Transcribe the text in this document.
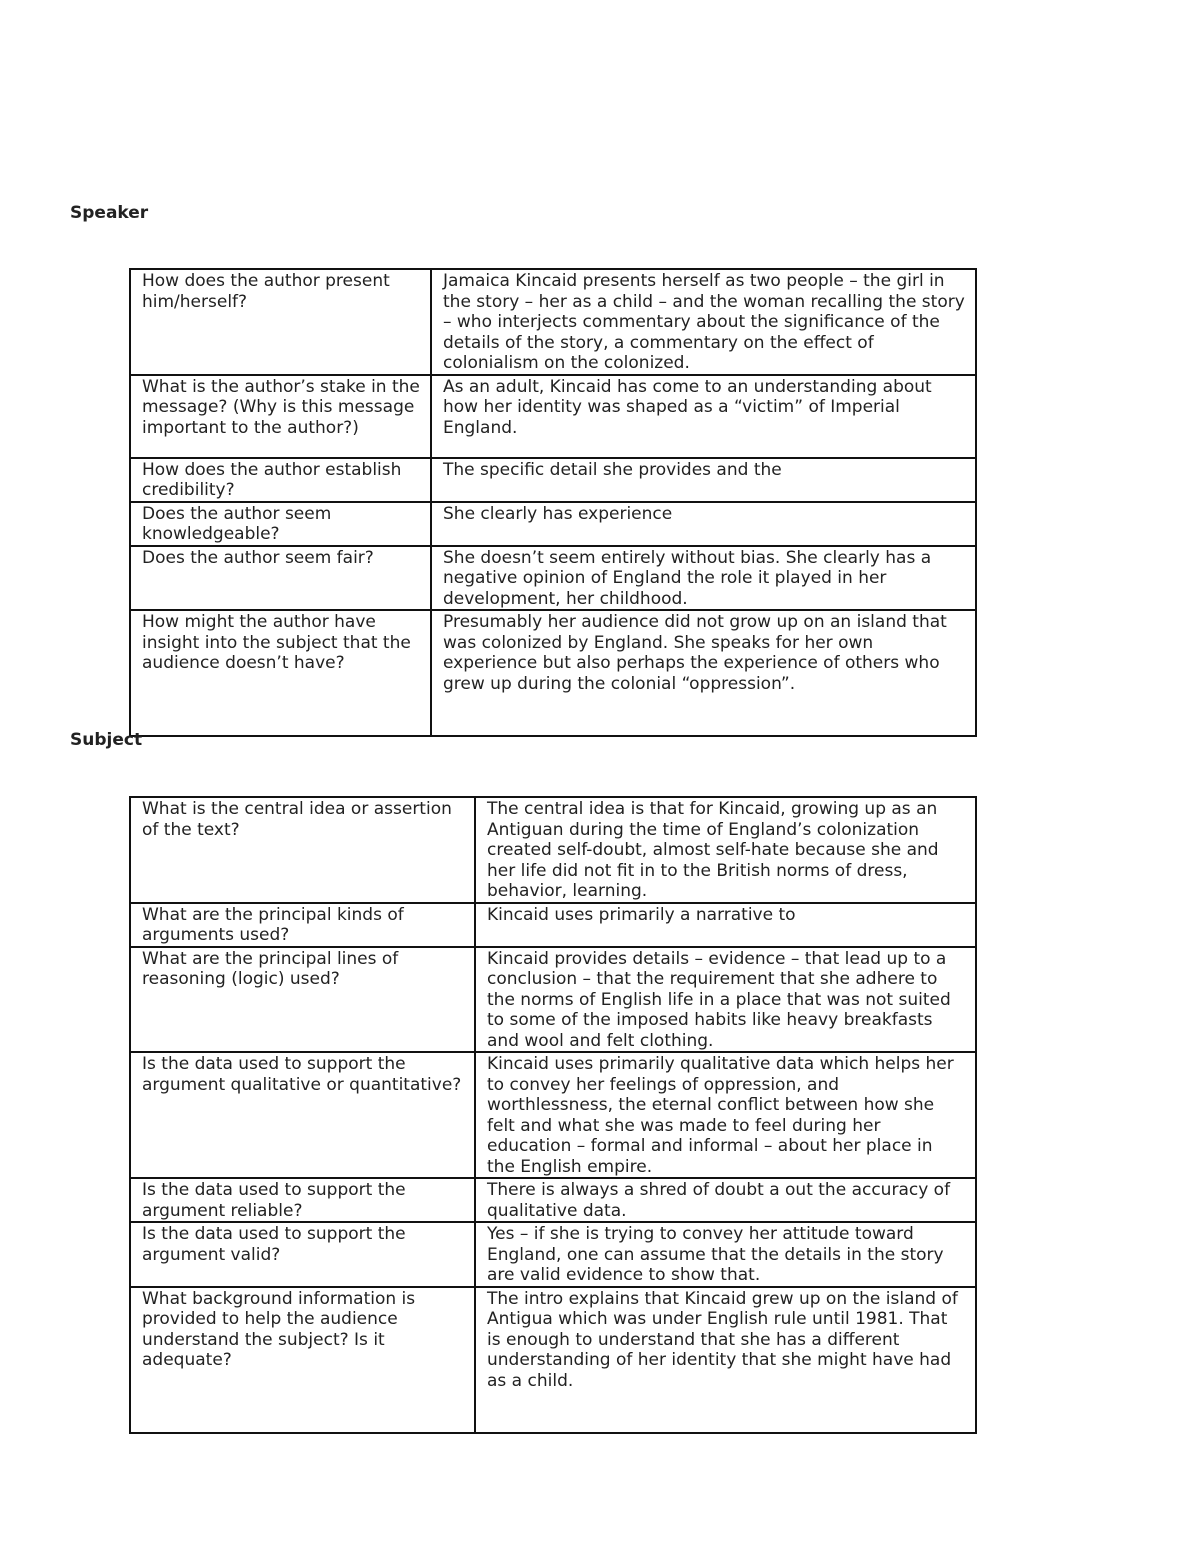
Speaker
How does the author present him/herself?	Jamaica Kincaid presents herself as two people – the girl in the story – her as a child – and the woman recalling the story – who interjects commentary about the significance of the details of the story, a commentary on the effect of colonialism on the colonized.
What is the author’s stake in the message? (Why is this message important to the author?)	As an adult, Kincaid has come to an understanding about how her identity was shaped as a “victim” of Imperial England.
How does the author establish credibility?	The specific detail she provides and the
Does the author seem knowledgeable?	She clearly has experience
Does the author seem fair?	She doesn’t seem entirely without bias. She clearly has a negative opinion of England the role it played in her development, her childhood.
How might the author have insight into the subject that the audience doesn’t have?	Presumably her audience did not grow up on an island that was colonized by England. She speaks for her own experience but also perhaps the experience of others who grew up during the colonial “oppression”.
Subject
What is the central idea or assertion of the text?	The central idea is that for Kincaid, growing up as an Antiguan during the time of England’s colonization created self-doubt, almost self-hate because she and her life did not fit in to the British norms of dress, behavior, learning.
What are the principal kinds of arguments used?	Kincaid uses primarily a narrative to
What are the principal lines of reasoning (logic) used?	Kincaid provides details – evidence – that lead up to a conclusion – that the requirement that she adhere to the norms of English life in a place that was not suited to some of the imposed habits like heavy breakfasts and wool and felt clothing.
Is the data used to support the argument qualitative or quantitative?	Kincaid uses primarily qualitative data which helps her to convey her feelings of oppression, and worthlessness, the eternal conflict between how she felt and what she was made to feel during her education – formal and informal – about her place in the English empire.
Is the data used to support the argument reliable?	There is always a shred of doubt a out the accuracy of qualitative data.
Is the data used to support the argument valid?	Yes – if she is trying to convey her attitude toward England, one can assume that the details in the story are valid evidence to show that.
What background information is provided to help the audience understand the subject? Is it adequate?	The intro explains that Kincaid grew up on the island of Antigua which was under English rule until 1981. That is enough to understand that she has a different understanding of her identity that she might have had as a child.
